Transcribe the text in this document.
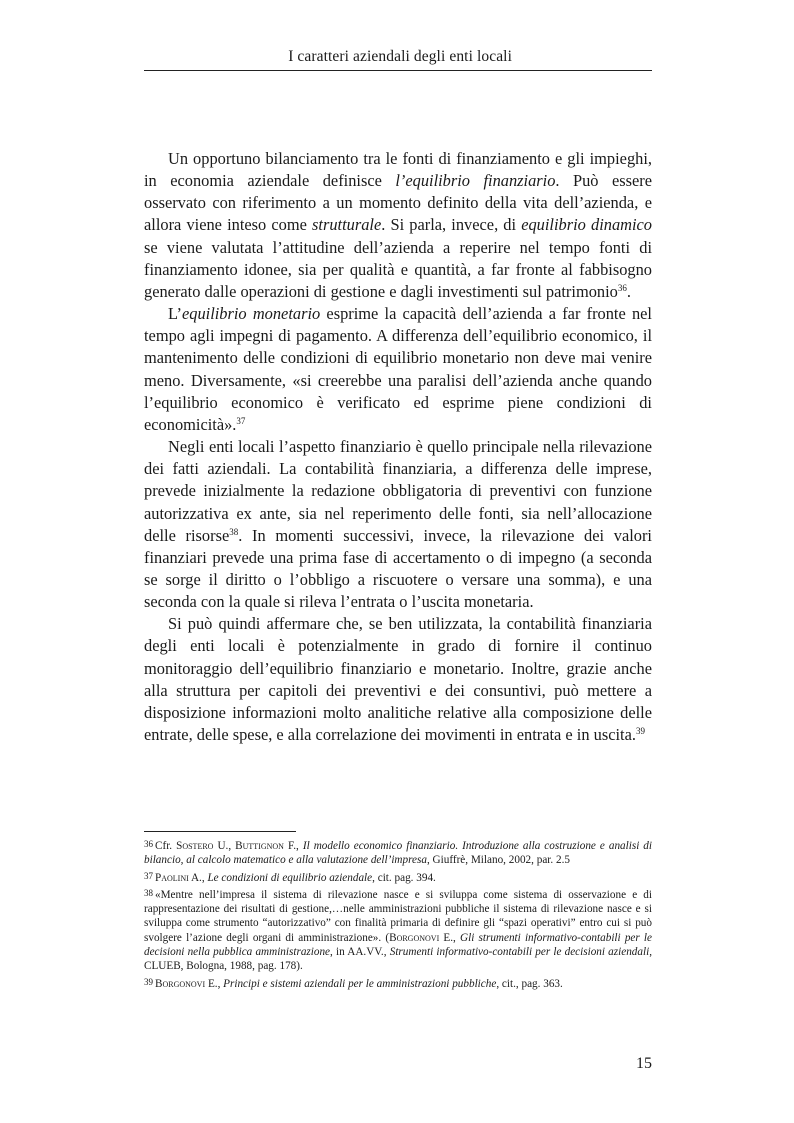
I caratteri aziendali degli enti locali

Un opportuno bilanciamento tra le fonti di finanziamento e gli impieghi, in economia aziendale definisce l’equilibrio finanziario. Può essere osservato con riferimento a un momento definito della vita dell’azienda, e allora viene inteso come strutturale. Si parla, invece, di equilibrio dinamico se viene valutata l’attitudine dell’azienda a reperire nel tempo fonti di finanziamento idonee, sia per qualità e quantità, a far fronte al fabbisogno generato dalle operazioni di gestione e dagli investimenti sul patrimonio$^{36}$.

L’equilibrio monetario esprime la capacità dell’azienda a far fronte nel tempo agli impegni di pagamento. A differenza dell’equilibrio economico, il mantenimento delle condizioni di equilibrio monetario non deve mai venire meno. Diversamente, «si creerebbe una paralisi dell’azienda anche quando l’equilibrio economico è verificato ed esprime piene condizioni di economicità».$^{37}$

Negli enti locali l’aspetto finanziario è quello principale nella rilevazione dei fatti aziendali. La contabilità finanziaria, a differenza delle imprese, prevede inizialmente la redazione obbligatoria di preventivi con funzione autorizzativa ex ante, sia nel reperimento delle fonti, sia nell’allocazione delle risorse$^{38}$. In momenti successivi, invece, la rilevazione dei valori finanziari prevede una prima fase di accertamento o di impegno (a seconda se sorge il diritto o l’obbligo a riscuotere o versare una somma), e una seconda con la quale si rileva l’entrata o l’uscita monetaria.

Si può quindi affermare che, se ben utilizzata, la contabilità finanziaria degli enti locali è potenzialmente in grado di fornire il continuo monitoraggio dell’equilibrio finanziario e monetario. Inoltre, grazie anche alla struttura per capitoli dei preventivi e dei consuntivi, può mettere a disposizione informazioni molto analitiche relative alla composizione delle entrate, delle spese, e alla correlazione dei movimenti in entrata e in uscita.$^{39}$

36 Cfr. Sostero U., Buttignon F., Il modello economico finanziario. Introduzione alla costruzione e analisi di bilancio, al calcolo matematico e alla valutazione dell’impresa, Giuffrè, Milano, 2002, par. 2.5

37 Paolini A., Le condizioni di equilibrio aziendale, cit. pag. 394.

38 «Mentre nell’impresa il sistema di rilevazione nasce e si sviluppa come sistema di osservazione e di rappresentazione dei risultati di gestione,…nelle amministrazioni pubbliche il sistema di rilevazione nasce e si sviluppa come strumento “autorizzativo” con finalità primaria di definire gli “spazi operativi” entro cui si può svolgere l’azione degli organi di amministrazione». (Borgonovi E., Gli strumenti informativo-contabili per le decisioni nella pubblica amministrazione, in AA.VV., Strumenti informativo-contabili per le decisioni aziendali, CLUEB, Bologna, 1988, pag. 178).

39 Borgonovi E., Principi e sistemi aziendali per le amministrazioni pubbliche, cit., pag. 363.

15
